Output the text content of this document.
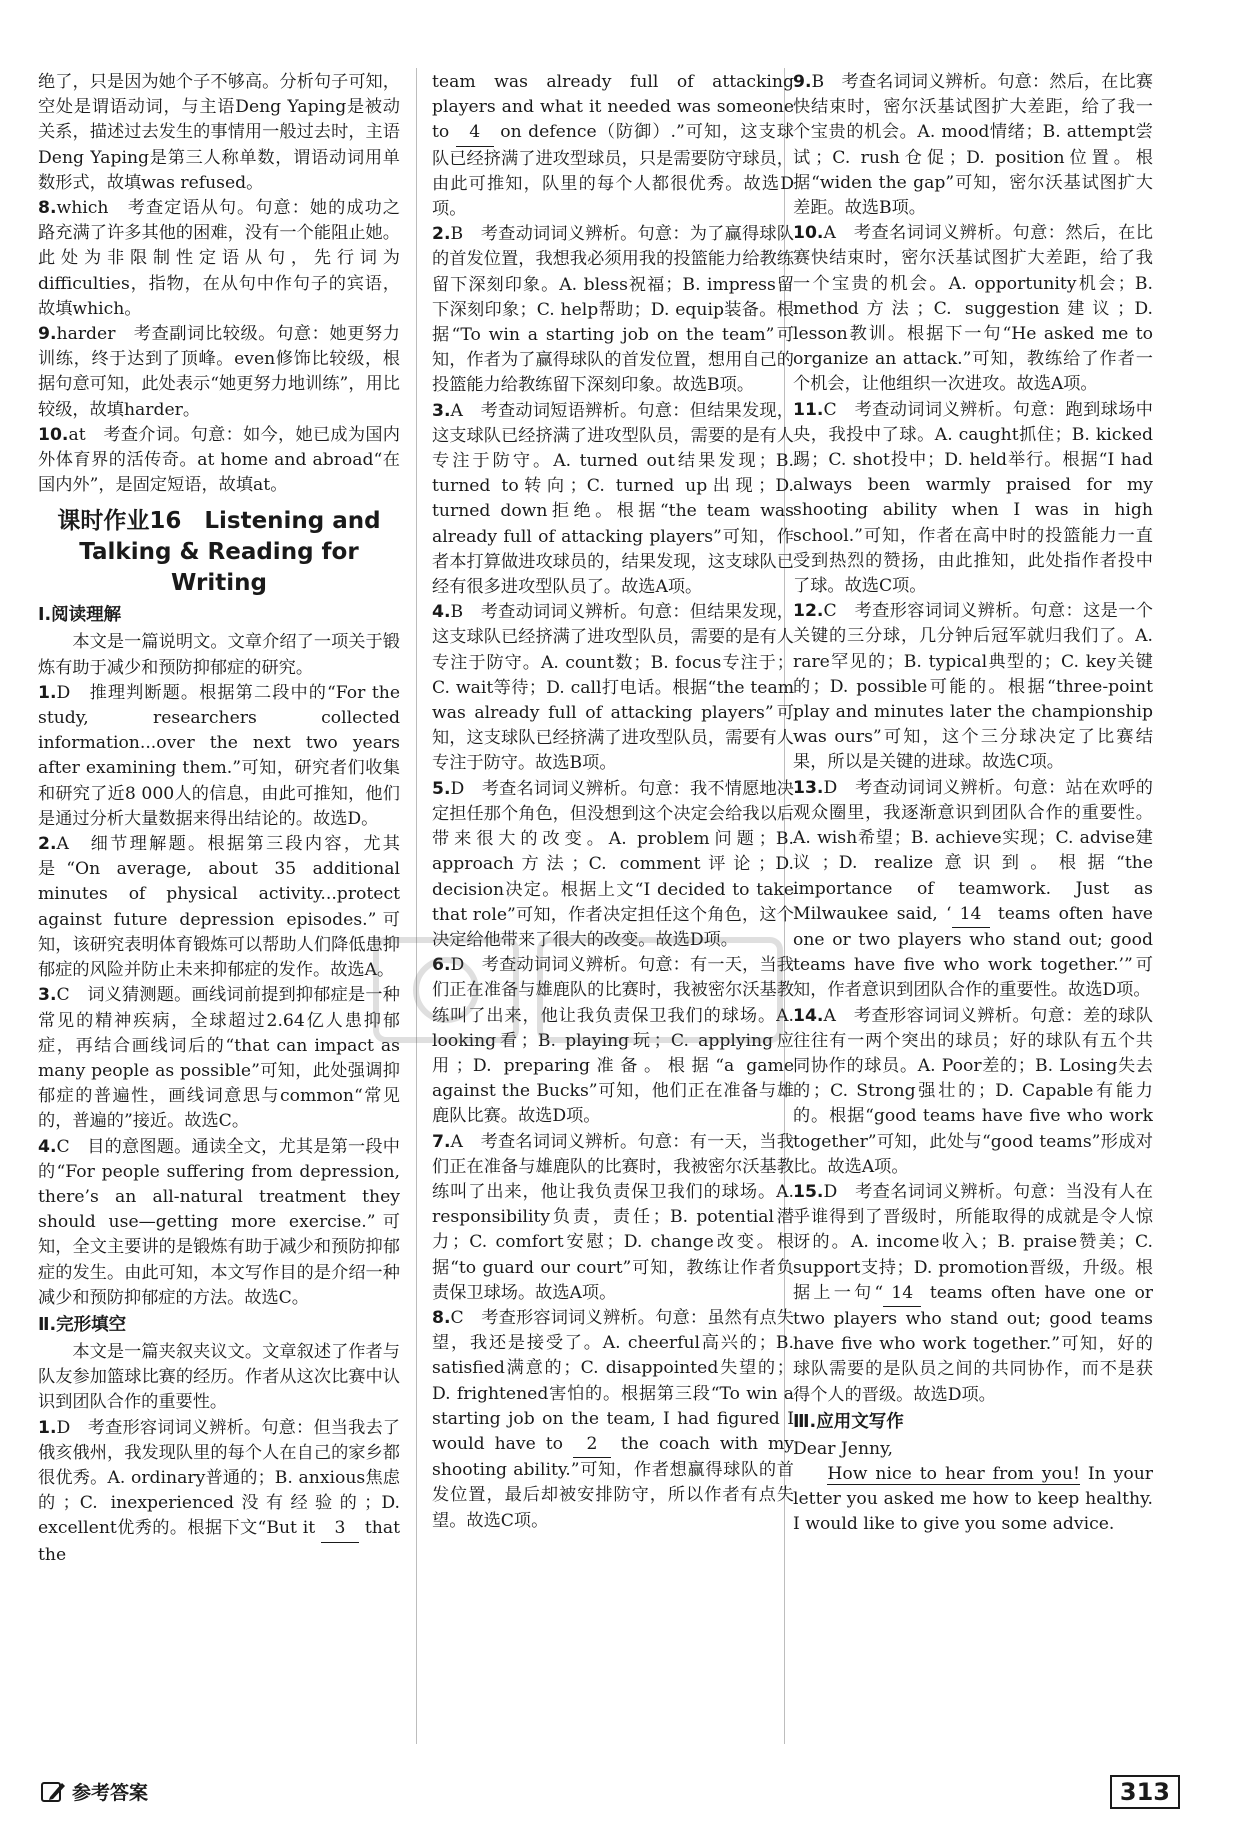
绝了，只是因为她个子不够高。分析句子可知，空处是谓语动词，与主语Deng Yaping是被动关系，描述过去发生的事情用一般过去时，主语Deng Yaping是第三人称单数，谓语动词用单数形式，故填was refused。
8.which　考查定语从句。句意：她的成功之路充满了许多其他的困难，没有一个能阻止她。此处为非限制性定语从句，先行词为difficulties，指物，在从句中作句子的宾语，故填which。
9.harder　考查副词比较级。句意：她更努力训练，终于达到了顶峰。even修饰比较级，根据句意可知，此处表示“她更努力地训练”，用比较级，故填harder。
10.at　考查介词。句意：如今，她已成为国内外体育界的活传奇。at home and abroad“在国内外”，是固定短语，故填at。
课时作业16　Listening and Talking & Reading for Writing
Ⅰ.阅读理解

本文是一篇说明文。文章介绍了一项关于锻炼有助于减少和预防抑郁症的研究。

1.D　推理判断题。根据第二段中的“For the study, researchers collected information...over the next two years after examining them.”可知，研究者们收集和研究了近8 000人的信息，由此可推知，他们是通过分析大量数据来得出结论的。故选D。
2.A　细节理解题。根据第三段内容，尤其是“On average, about 35 additional minutes of physical activity...protect against future depression episodes.”可知，该研究表明体育锻炼可以帮助人们降低患抑郁症的风险并防止未来抑郁症的发作。故选A。
3.C　词义猜测题。画线词前提到抑郁症是一种常见的精神疾病，全球超过2.64亿人患抑郁症，再结合画线词后的“that can impact as many people as possible”可知，此处强调抑郁症的普遍性，画线词意思与common“常见的，普遍的”接近。故选C。
4.C　目的意图题。通读全文，尤其是第一段中的“For people suffering from depression, there’s an all-natural treatment they should use—getting more exercise.”可知，全文主要讲的是锻炼有助于减少和预防抑郁症的发生。由此可知，本文写作目的是介绍一种减少和预防抑郁症的方法。故选C。
Ⅱ.完形填空

本文是一篇夹叙夹议文。文章叙述了作者与队友参加篮球比赛的经历。作者从这次比赛中认识到团队合作的重要性。

1.D　考查形容词词义辨析。句意：但当我去了俄亥俄州，我发现队里的每个人在自己的家乡都很优秀。A. ordinary普通的；B. anxious焦虑的；C. inexperienced没有经验的；D. excellent优秀的。根据下文“But it 3 that the
team was already full of attacking players and what it needed was someone to 4 on defence（防御）.”可知，这支球队已经挤满了进攻型球员，只是需要防守球员，由此可推知，队里的每个人都很优秀。故选D项。
2.B　考查动词词义辨析。句意：为了赢得球队的首发位置，我想我必须用我的投篮能力给教练留下深刻印象。A. bless祝福；B. impress留下深刻印象；C. help帮助；D. equip装备。根据“To win a starting job on the team”可知，作者为了赢得球队的首发位置，想用自己的投篮能力给教练留下深刻印象。故选B项。
3.A　考查动词短语辨析。句意：但结果发现，这支球队已经挤满了进攻型队员，需要的是有人专注于防守。A. turned out结果发现；B. turned to转向；C. turned up出现；D. turned down拒绝。根据“the team was already full of attacking players”可知，作者本打算做进攻球员的，结果发现，这支球队已经有很多进攻型队员了。故选A项。
4.B　考查动词词义辨析。句意：但结果发现，这支球队已经挤满了进攻型队员，需要的是有人专注于防守。A. count数；B. focus专注于；C. wait等待；D. call打电话。根据“the team was already full of attacking players”可知，这支球队已经挤满了进攻型队员，需要有人专注于防守。故选B项。
5.D　考查名词词义辨析。句意：我不情愿地决定担任那个角色，但没想到这个决定会给我以后带来很大的改变。A. problem问题；B. approach方法；C. comment评论；D. decision决定。根据上文“I decided to take that role”可知，作者决定担任这个角色，这个决定给他带来了很大的改变。故选D项。
6.D　考查动词词义辨析。句意：有一天，当我们正在准备与雄鹿队的比赛时，我被密尔沃基教练叫了出来，他让我负责保卫我们的球场。A. looking看；B. playing玩；C. applying应用；D. preparing准备。根据“a game against the Bucks”可知，他们正在准备与雄鹿队比赛。故选D项。
7.A　考查名词词义辨析。句意：有一天，当我们正在准备与雄鹿队的比赛时，我被密尔沃基教练叫了出来，他让我负责保卫我们的球场。A. responsibility负责，责任；B. potential潜力；C. comfort安慰；D. change改变。根据“to guard our court”可知，教练让作者负责保卫球场。故选A项。
8.C　考查形容词词义辨析。句意：虽然有点失望，我还是接受了。A. cheerful高兴的；B. satisfied满意的；C. disappointed失望的；D. frightened害怕的。根据第三段“To win a starting job on the team, I had figured I would have to 2 the coach with my shooting ability.”可知，作者想赢得球队的首发位置，最后却被安排防守，所以作者有点失望。故选C项。
9.B　考查名词词义辨析。句意：然后，在比赛快结束时，密尔沃基试图扩大差距，给了我一个宝贵的机会。A. mood情绪；B. attempt尝试；C. rush仓促；D. position位置。根据“widen the gap”可知，密尔沃基试图扩大差距。故选B项。
10.A　考查名词词义辨析。句意：然后，在比赛快结束时，密尔沃基试图扩大差距，给了我一个宝贵的机会。A. opportunity机会；B. method方法；C. suggestion建议；D. lesson教训。根据下一句“He asked me to organize an attack.”可知，教练给了作者一个机会，让他组织一次进攻。故选A项。
11.C　考查动词词义辨析。句意：跑到球场中央，我投中了球。A. caught抓住；B. kicked踢；C. shot投中；D. held举行。根据“I had always been warmly praised for my shooting ability when I was in high school.”可知，作者在高中时的投篮能力一直受到热烈的赞扬，由此推知，此处指作者投中了球。故选C项。
12.C　考查形容词词义辨析。句意：这是一个关键的三分球，几分钟后冠军就归我们了。A. rare罕见的；B. typical典型的；C. key关键的；D. possible可能的。根据“three-point play and minutes later the championship was ours”可知，这个三分球决定了比赛结果，所以是关键的进球。故选C项。
13.D　考查动词词义辨析。句意：站在欢呼的观众圈里，我逐渐意识到团队合作的重要性。A. wish希望；B. achieve实现；C. advise建议；D. realize意识到。根据“the importance of teamwork. Just as Milwaukee said, ‘ 14 teams often have one or two players who stand out; good teams have five who work together.’”可知，作者意识到团队合作的重要性。故选D项。
14.A　考查形容词词义辨析。句意：差的球队往往有一两个突出的球员；好的球队有五个共同协作的球员。A. Poor差的；B. Losing失去的；C. Strong强壮的；D. Capable有能力的。根据“good teams have five who work together”可知，此处与“good teams”形成对比。故选A项。
15.D　考查名词词义辨析。句意：当没有人在乎谁得到了晋级时，所能取得的成就是令人惊讶的。A. income收入；B. praise赞美；C. support支持；D. promotion晋级，升级。根据上一句“ 14 teams often have one or two players who stand out; good teams have five who work together.”可知，好的球队需要的是队员之间的共同协作，而不是获得个人的晋级。故选D项。
Ⅲ.应用文写作
Dear Jenny,

How nice to hear from you! In your letter you asked me how to keep healthy. I would like to give you some advice.

参考答案	313
